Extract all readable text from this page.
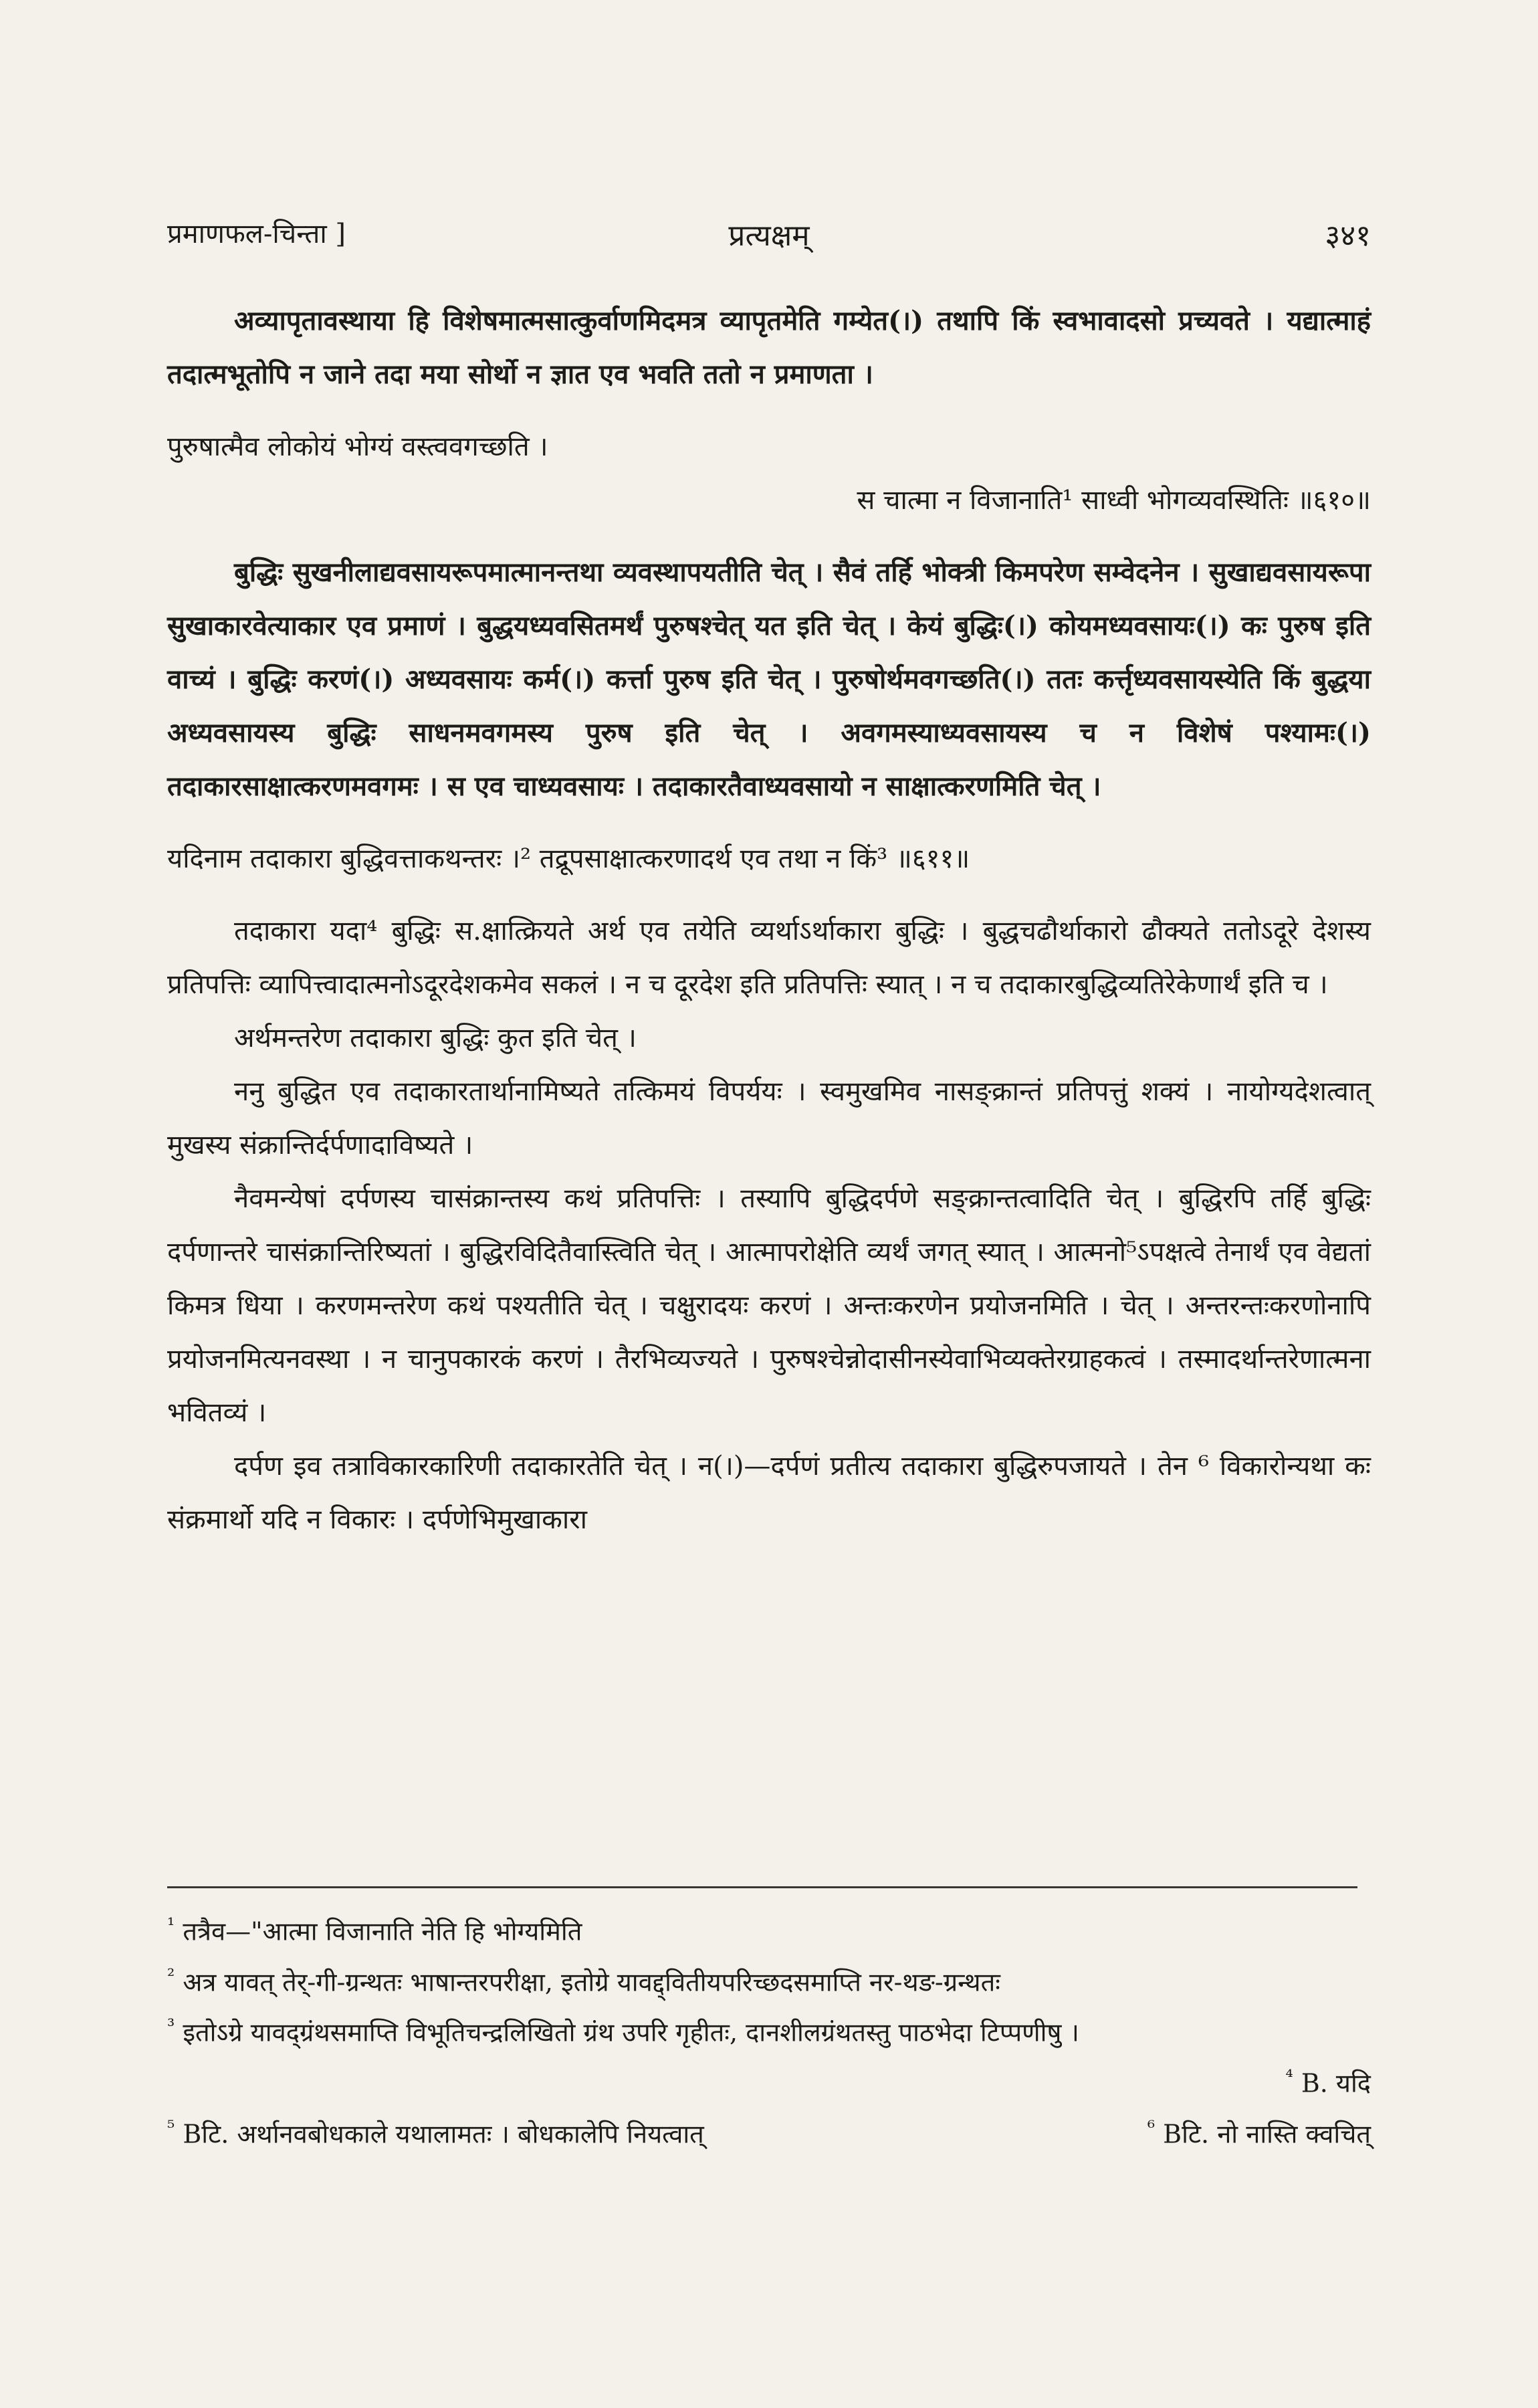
प्रमाणफल-चिन्ता ]	प्रत्यक्षम्	३४१

अव्यापृतावस्थाया हि विशेषमात्मसात्कुर्वाणमिदमत्र व्यापृतमेति गम्येत(।) तथापि किं स्वभावादसो प्रच्यवते । यद्यात्माहं तदात्मभूतोपि न जाने तदा मया सोर्थो न ज्ञात एव भवति ततो न प्रमाणता ।

पुरुषात्मैव लोकोयं भोग्यं वस्त्ववगच्छति ।

स चात्मा न विजानाति¹ साध्वी भोगव्यवस्थितिः ॥६१०॥

बुद्धिः सुखनीलाद्यवसायरूपमात्मानन्तथा व्यवस्थापयतीति चेत् । सैवं तर्हि भोक्त्री किमपरेण सम्वेदनेन । सुखाद्यवसायरूपा सुखाकारवेत्याकार एव प्रमाणं । बुद्धयध्यवसितमर्थं पुरुषश्चेत् यत इति चेत् । केयं बुद्धिः(।) कोयमध्यवसायः(।) कः पुरुष इति वाच्यं । बुद्धिः करणं(।) अध्यवसायः कर्म(।) कर्त्ता पुरुष इति चेत् । पुरुषोर्थमवगच्छति(।) ततः कर्त्तृध्यवसायस्येति किं बुद्धया अध्यवसायस्य बुद्धिः साधनमवगमस्य पुरुष इति चेत् । अवगमस्याध्यवसायस्य च न विशेषं पश्यामः(।) तदाकारसाक्षात्करणमवगमः । स एव चाध्यवसायः । तदाकारतैवाध्यवसायो न साक्षात्करणमिति चेत् ।

यदिनाम तदाकारा बुद्धिवत्ताकथन्तरः ।² तद्रूपसाक्षात्करणादर्थ एव तथा न किं³ ॥६११॥

तदाकारा यदा⁴ बुद्धिः स.क्षात्क्रियते अर्थ एव तयेति व्यर्थाऽर्थाकारा बुद्धिः । बुद्धचढौर्थाकारो ढौक्यते ततोऽदूरे देशस्य प्रतिपत्तिः व्यापित्त्वादात्मनोऽदूरदेशकमेव सकलं । न च दूरदेश इति प्रतिपत्तिः स्यात् । न च तदाकारबुद्धिव्यतिरेकेणार्थं इति च ।

अर्थमन्तरेण तदाकारा बुद्धिः कुत इति चेत् ।

ननु बुद्धित एव तदाकारतार्थानामिष्यते तत्किमयं विपर्ययः । स्वमुखमिव नासङ्क्रान्तं प्रतिपत्तुं शक्यं । नायोग्यदेशत्वात् मुखस्य संक्रान्तिर्दर्पणादाविष्यते ।

नैवमन्येषां दर्पणस्य चासंक्रान्तस्य कथं प्रतिपत्तिः । तस्यापि बुद्धिदर्पणे सङ्क्रान्तत्वादिति चेत् । बुद्धिरपि तर्हि बुद्धिः दर्पणान्तरे चासंक्रान्तिरिष्यतां । बुद्धिरविदितैवास्त्विति चेत् । आत्मापरोक्षेति व्यर्थं जगत् स्यात् । आत्मनो⁵ऽपक्षत्वे तेनार्थं एव वेद्यतां किमत्र धिया । करणमन्तरेण कथं पश्यतीति चेत् । चक्षुरादयः करणं । अन्तःकरणेन प्रयोजनमिति । चेत् । अन्तरन्तःकरणोनापि प्रयोजनमित्यनवस्था । न चानुपकारकं करणं । तैरभिव्यज्यते । पुरुषश्चेन्नोदासीनस्येवाभिव्यक्तेरग्राहकत्वं । तस्मादर्थान्तरेणात्मना भवितव्यं ।

दर्पण इव तत्राविकारकारिणी तदाकारतेति चेत् । न(।)—दर्पणं प्रतीत्य तदाकारा बुद्धिरुपजायते । तेन ⁶ विकारोन्यथा कः संक्रमार्थो यदि न विकारः । दर्पणेभिमुखाकारा

$^{^1}$ तत्रैव—"आत्मा विजानाति नेति हि भोग्यमिति

$^{^2}$ अत्र यावत् तेर्-गी-ग्रन्थतः भाषान्तरपरीक्षा, इतोग्रे यावद्द्वितीयपरिच्छदसमाप्ति नर-थङ-ग्रन्थतः

$^{^3}$ इतोऽग्रे यावद्ग्रंथसमाप्ति विभूतिचन्द्रलिखितो ग्रंथ उपरि गृहीतः, दानशीलग्रंथतस्तु पाठभेदा टिप्पणीषु ।

$^{^4}$ B. यदि

$^{^5}$ Bटि. अर्थानवबोधकाले यथालामतः । बोधकालेपि नियत्वात्	$^{^6}$ Bटि. नो नास्ति क्वचित्
